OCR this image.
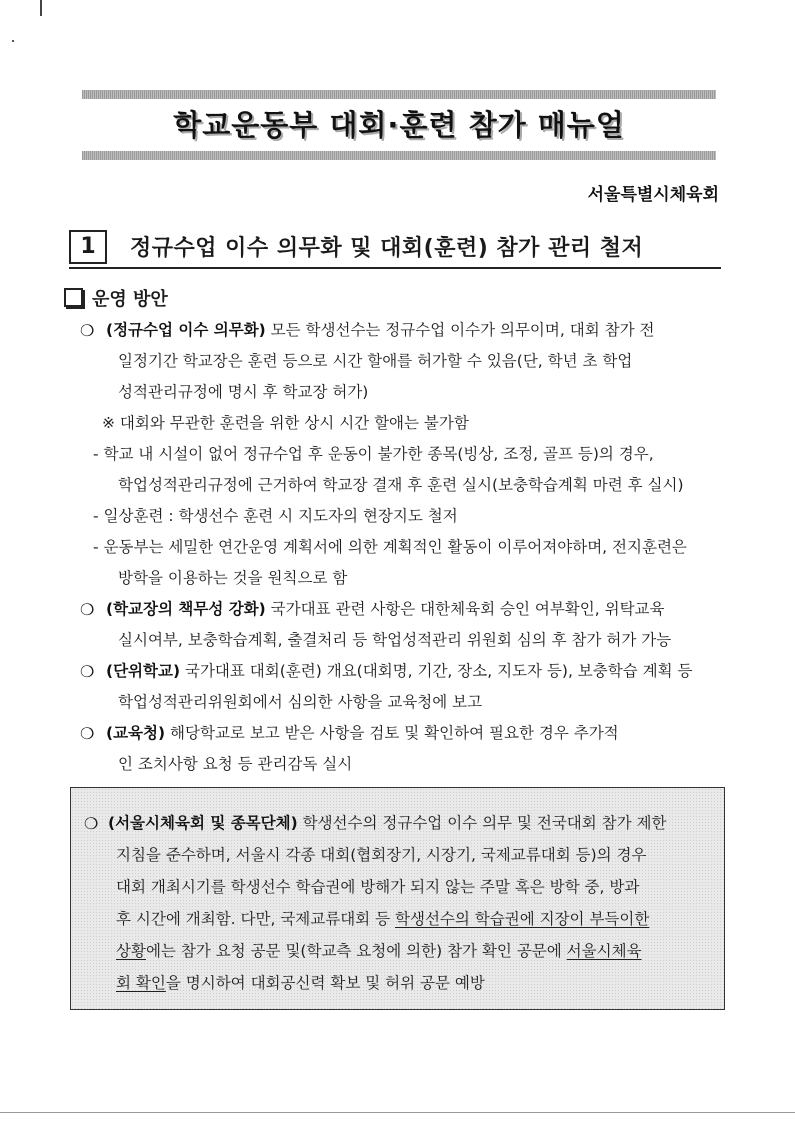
학교운동부 대회·훈련 참가 매뉴얼
서울특별시체육회
1	정규수업 이수 의무화 및 대회(훈련) 참가 관리 철저
운영 방안
❍ (정규수업 이수 의무화) 모든 학생선수는 정규수업 이수가 의무이며, 대회 참가 전
일정기간 학교장은 훈련 등으로 시간 할애를 허가할 수 있음(단, 학년 초 학업
성적관리규정에 명시 후 학교장 허가)
※ 대회와 무관한 훈련을 위한 상시 시간 할애는 불가함
- 학교 내 시설이 없어 정규수업 후 운동이 불가한 종목(빙상, 조정, 골프 등)의 경우,
학업성적관리규정에 근거하여 학교장 결재 후 훈련 실시(보충학습계획 마련 후 실시)
- 일상훈련 : 학생선수 훈련 시 지도자의 현장지도 철저
- 운동부는 세밀한 연간운영 계획서에 의한 계획적인 활동이 이루어져야하며, 전지훈련은
방학을 이용하는 것을 원칙으로 함
❍ (학교장의 책무성 강화) 국가대표 관련 사항은 대한체육회 승인 여부확인, 위탁교육
실시여부, 보충학습계획, 출결처리 등 학업성적관리 위원회 심의 후 참가 허가 가능
❍ (단위학교) 국가대표 대회(훈련) 개요(대회명, 기간, 장소, 지도자 등), 보충학습 계획 등
학업성적관리위원회에서 심의한 사항을 교육청에 보고
❍ (교육청) 해당학교로 보고 받은 사항을 검토 및 확인하여 필요한 경우 추가적
인 조치사항 요청 등 관리감독 실시
❍ (서울시체육회 및 종목단체) 학생선수의 정규수업 이수 의무 및 전국대회 참가 제한
지침을 준수하며, 서울시 각종 대회(협회장기, 시장기, 국제교류대회 등)의 경우
대회 개최시기를 학생선수 학습권에 방해가 되지 않는 주말 혹은 방학 중, 방과
후 시간에 개최함. 다만, 국제교류대회 등 학생선수의 학습권에 지장이 부득이한
상황에는 참가 요청 공문 및(학교측 요청에 의한) 참가 확인 공문에 서울시체육
회 확인을 명시하여 대회공신력 확보 및 허위 공문 예방
